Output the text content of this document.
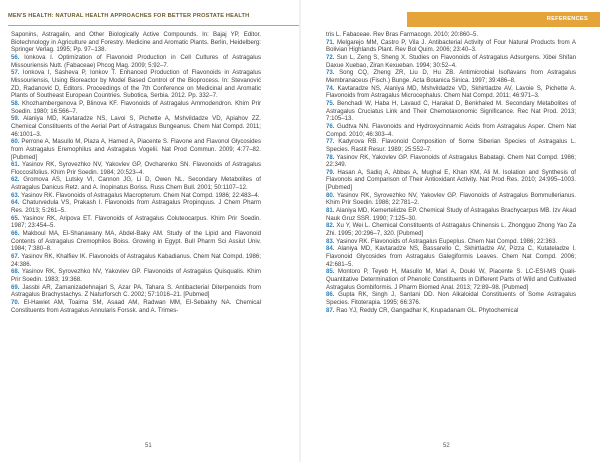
MEN'S HEALTH: NATURAL HEALTH APPROACHES FOR BETTER PROSTATE HEALTH	REFERENCES

Saponins, Astragalin, and Other Biologically Active Compounds. In: Bajaj YP, Editor. Biotechnology in Agriculture and Forestry. Medicine and Aromatic Plants. Berlin, Heidelberg: Springer Verlag. 1995; Pp. 97–138.

56. Ionkova I. Optimization of Flavonoid Production in Cell Cultures of Astragalus Missouriensis Nutt. (Fabaceae) Phcog Mag. 2009; 5:92–7.

57. Ionkova I, Sasheva P, Ionkov T. Enhanced Production of Flavonoids in Astragalus Missouriensis, Using Bioreactor by Model Based Control of the Bioprocess. In: Stevanović ZD, Radanović D, Editors. Proceedings of the 7th Conference on Medicinal and Aromatic Plants of Southeast European Countries. Subotica, Serbia. 2012. Pp. 332–7.

58. Khozhambergenova P, Blinova KF. Flavonoids of Astragalus Ammodendron. Khim Prir Soedin. 1980; 16:566–7.

59. Alaniya MD, Kavtaradze NS, Lavoi S, Pichette A, Mshvildadze VD, Apiahov ZZ. Chemical Constituents of the Aerial Part of Astragalus Bungeanus. Chem Nat Compd. 2011; 46:1001–3.

60. Perrone A, Masullo M, Plaza A, Hamed A, Piacente S. Flavone and Flavonol Glycosides from Astragalus Eremophilus and Astragalus Vogelii. Nat Prod Commun. 2009; 4:77–82. [Pubmed]

61. Yasinov RK, Syrovezhko NV, Yakovlev GP, Ovcharenko SN. Flavonoids of Astragalus Floccosifolius. Khim Prir Soedin. 1984; 20:523–4.

62. Gromova AS, Lutsky VI, Cannon JG, Li D, Owen NL. Secondary Metabolites of Astragalus Danicus Retz. and A. Inopinatus Boriss. Russ Chem Bull. 2001; 50:1107–12.

63. Yasinov RK. Flavonoids of Astragalus Macropterum. Chem Nat Compd. 1986; 22:483–4.

64. Chaturvedula VS, Prakash I. Flavonoids from Astragalus Propinquus. J Chem Pharm Res. 2013; 5:261–5.

65. Yasinov RK, Aripova ET. Flavonoids of Astragalus Coluteocarpus. Khim Prir Soedin. 1987; 23:454–5.

66. Makboul MA, El-Shanawany MA, Abdel-Baky AM. Study of the Lipid and Flavonoid Contents of Astragalus Cremophilos Boiss. Growing in Egypt. Bull Pharm Sci Assiut Univ. 1984; 7:380–8.

67. Yasinov RK, Khalfiev IK. Flavonoids of Astragalus Kabadianus. Chem Nat Compd. 1986; 24:386.

68. Yasinov RK, Syrovezhko NV, Yakovlev GP. Flavonoids of Astragalus Quisqualis. Khim Prir Soedin. 1983; 19:368.

69. Jassbi AR, Zamanizadehnajari S, Azar PA, Tahara S. Antibacterial Diterpenoids from Astragalus Brachystachys. Z Naturforsch C. 2002; 57:1016–21. [Pubmed]

70. El-Hawiet AM, Toaima SM, Asaad AM, Radwan MM, El-Sebakhy NA. Chemical Constituents from Astragalus Annularis Forssk. and A. Trimes-

tris L. Fabaceae. Rev Bras Farmacogn. 2010; 20:860–5.

71. Melgarejo MM, Castro P, Vila J. Antibacterial Activity of Four Natural Products from A Bolivian Highlands Plant. Rev Bol Quim. 2006; 23:40–3.

72. Sun L, Zeng S, Sheng X. Studies on Flavonoids of Astragalus Adsurgens. Xibei Shifan Daxue Xuebao, Ziran Kexueban. 1994; 30:52–4.

73. Song CQ, Zheng ZR, Liu D, Hu ZB. Antimicrobial Isoflavans from Astragalus Membranaceus (Fisch.) Bunge. Acta Botanica Sinica. 1997; 39:486–8.

74. Kavtaradze NS, Alaniya MD, Mshvildadze VD, Skhirtladze AV, Lavoie S, Pichette A. Flavonoids from Astragalus Microcephalus. Chem Nat Compd. 2011; 46:971–3.

75. Benchadi W, Haba H, Lavaud C, Harakat D, Benkhaled M. Secondary Metabolites of Astragalus Cruciatus Link and Their Chemotaxonomic Significance. Rec Nat Prod. 2013; 7:105–13.

76. Gudtva NN. Flavonoids and Hydroxycinnamic Acids from Astragalus Asper. Chem Nat Compd. 2010; 46:303–4.

77. Kadyrova RB. Flavonoid Composition of Some Siberian Species of Astragalus L. Species. Rastit Resur. 1989; 25:552–7.

78. Yasinov RK, Yakovlev GP. Flavonoids of Astragalus Babatagi. Chem Nat Compd. 1986; 22:349.

79. Hasan A, Sadiq A, Abbas A, Mughal E, Khan KM, Ali M. Isolation and Synthesis of Flavonols and Comparison of Their Antioxidant Activity. Nat Prod Res. 2010; 24:995–1003. [Pubmed]

80. Yasinov RK, Syrovezhko NV, Yakovlev GP. Flavonoids of Astragalus Bommullerianus. Khim Prir Soedin. 1986; 22:781–2.

81. Alaniya MD, Kemertelidze EP. Chemical Study of Astragalus Brachycarpus MB. Izv Akad Nauk Gruz SSR. 1990; 7:125–30.

82. Xu Y, Wei L. Chemical Constituents of Astragalus Chinensis L. Zhongguo Zhong Yao Za Zhi. 1995; 20:296–7, 320. [Pubmed]

83. Yasinov RK. Flavonoids of Astragalus Eupeplus. Chem Nat Compd. 1986; 22:363.

84. Alaniya MD, Kavtaradze NS, Bassarello C, Skhirtladze AV, Pizza C, Kutateladze I. Flavonoid Glycosides from Astragalus Galegiformis Leaves. Chem Nat Compd. 2006; 42:681–5.

85. Montoro P, Teyeb H, Masullo M, Mari A, Douki W, Piacente S. LC-ESI-MS Quali-Quantitative Determination of Phenolic Constituents in Different Parts of Wild and Cultivated Astragalus Gombiformis. J Pharm Biomed Anal. 2013; 72:89–98. [Pubmed]

86. Gupta RK, Singh J, Santani DD. Non Alkaloidal Constituents of Some Astragalus Species. Fitoterapia. 1995; 66:376.

87. Rao YJ, Reddy CR, Gangadhar K, Krupadanam GL. Phytochemical

51	52
